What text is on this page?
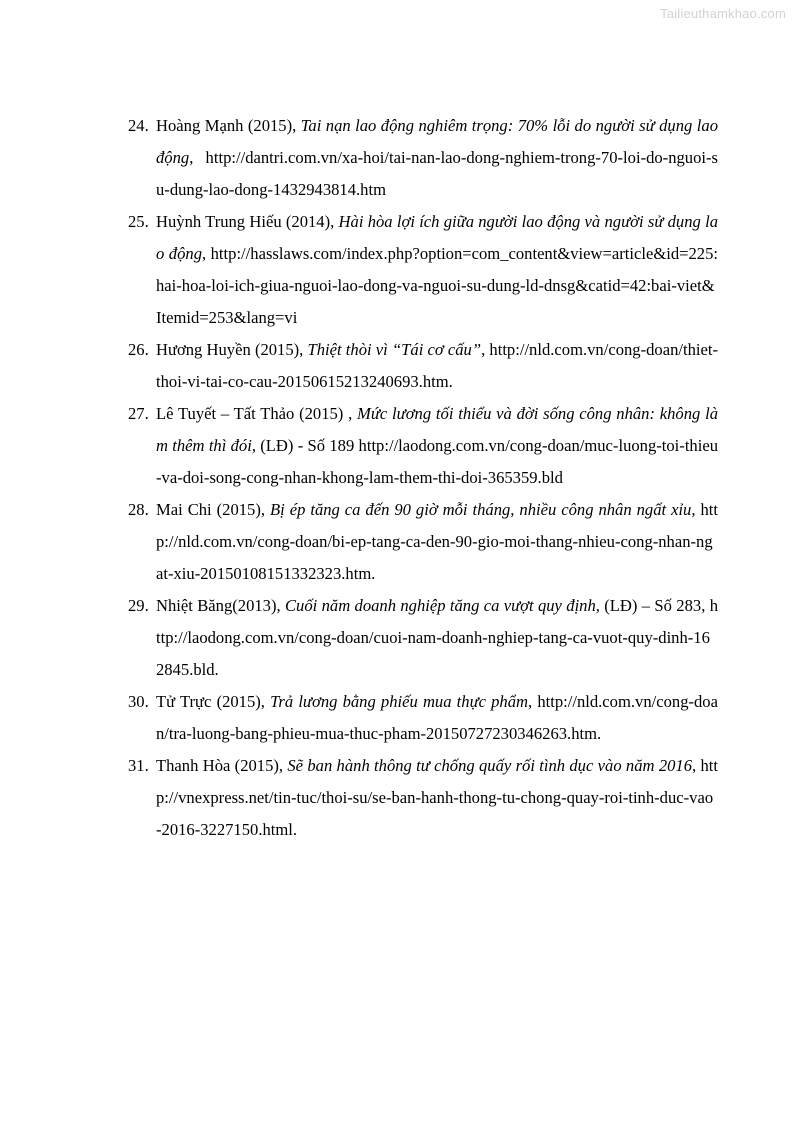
Tailieuthamkhao.com
24. Hoàng Mạnh (2015), Tai nạn lao động nghiêm trọng: 70% lỗi do người sử dụng lao động, http://dantri.com.vn/xa-hoi/tai-nan-lao-dong-nghiem-trong-70-loi-do-nguoi-su-dung-lao-dong-1432943814.htm
25. Huỳnh Trung Hiếu (2014), Hài hòa lợi ích giữa người lao động và người sử dụng lao động, http://hasslaws.com/index.php?option=com_content&view=article&id=225:hai-hoa-loi-ich-giua-nguoi-lao-dong-va-nguoi-su-dung-ld-dnsg&catid=42:bai-viet&Itemid=253&lang=vi
26. Hương Huyền (2015), Thiệt thòi vì “Tái cơ cấu”, http://nld.com.vn/cong-doan/thiet-thoi-vi-tai-co-cau-20150615213240693.htm.
27. Lê Tuyết – Tất Thảo (2015) , Mức lương tối thiểu và đời sống công nhân: không làm thêm thì đói, (LĐ) - Số 189 http://laodong.com.vn/cong-doan/muc-luong-toi-thieu-va-doi-song-cong-nhan-khong-lam-them-thi-doi-365359.bld
28. Mai Chi (2015), Bị ép tăng ca đến 90 giờ mỗi tháng, nhiều công nhân ngất xỉu, http://nld.com.vn/cong-doan/bi-ep-tang-ca-den-90-gio-moi-thang-nhieu-cong-nhan-ngat-xiu-20150108151332323.htm.
29. Nhiệt Băng(2013), Cuối năm doanh nghiệp tăng ca vượt quy định, (LĐ) – Số 283, http://laodong.com.vn/cong-doan/cuoi-nam-doanh-nghiep-tang-ca-vuot-quy-dinh-162845.bld.
30. Tử Trực (2015), Trả lương bằng phiếu mua thực phẩm, http://nld.com.vn/cong-doan/tra-luong-bang-phieu-mua-thuc-pham-20150727230346263.htm.
31. Thanh Hòa (2015), Sẽ ban hành thông tư chống quấy rối tình dục vào năm 2016, http://vnexpress.net/tin-tuc/thoi-su/se-ban-hanh-thong-tu-chong-quay-roi-tinh-duc-vao-2016-3227150.html.
